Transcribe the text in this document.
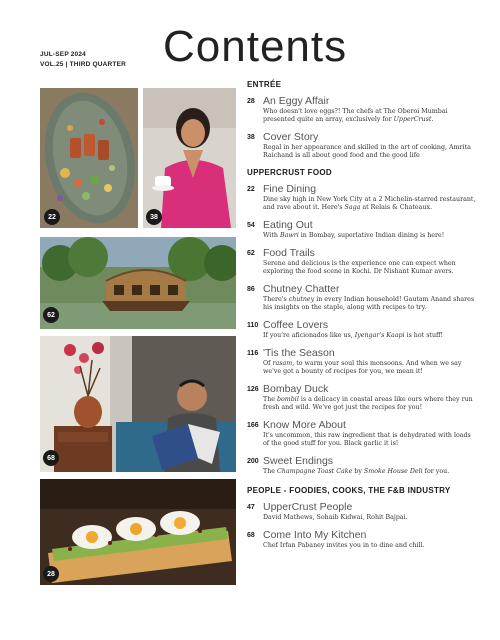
JUL-SEP 2024
VOL.25 | THIRD QUARTER Contents
22	38
62
68
28
ENTRÉE
28 An Eggy Affair
Who doesn't love eggs?! The chefs at The Oberoi Mumbai presented quite an array, exclusively for UpperCrust.
38 Cover Story
Regal in her appearance and skilled in the art of cooking, Amrita Raichand is all about good food and the good life
UPPERCRUST FOOD
22 Fine Dining
Dine sky high in New York City at a 2 Michelin-starred restaurant, and rave about it. Here's Saga at Relais & Chateaux.
54 Eating Out
With Bawri in Bombay, superlative Indian dining is here!
62 Food Trails
Serene and delicious is the experience one can expect when exploring the food scene in Kochi. Dr Nishant Kumar avers.
86 Chutney Chatter
There's chutney in every Indian household! Gautam Anand shares his insights on the staple, along with recipes to try.
110 Coffee Lovers
If you're aficionados like us, Iyengar's Kaapi is hot stuff!
116 'Tis the Season
Of rasam, to warm your soul this monsoons. And when we say we've got a bounty of recipes for you, we mean it!
126 Bombay Duck
The bombil is a delicacy in coastal areas like ours where they run fresh and wild. We've got just the recipes for you!
166 Know More About
It's uncommon, this raw ingredient that is dehydrated with loads of the good stuff for you. Black garlic it is!
200 Sweet Endings
The Champagne Toast Cake by Smoke House Deli for you.
PEOPLE - FOODIES, COOKS, THE F&B INDUSTRY
47 UpperCrust People
David Mathews, Sohaib Kidwai, Rohit Bajpai.
68 Come Into My Kitchen
Chef Irfan Pabaney invites you in to dine and chill.
